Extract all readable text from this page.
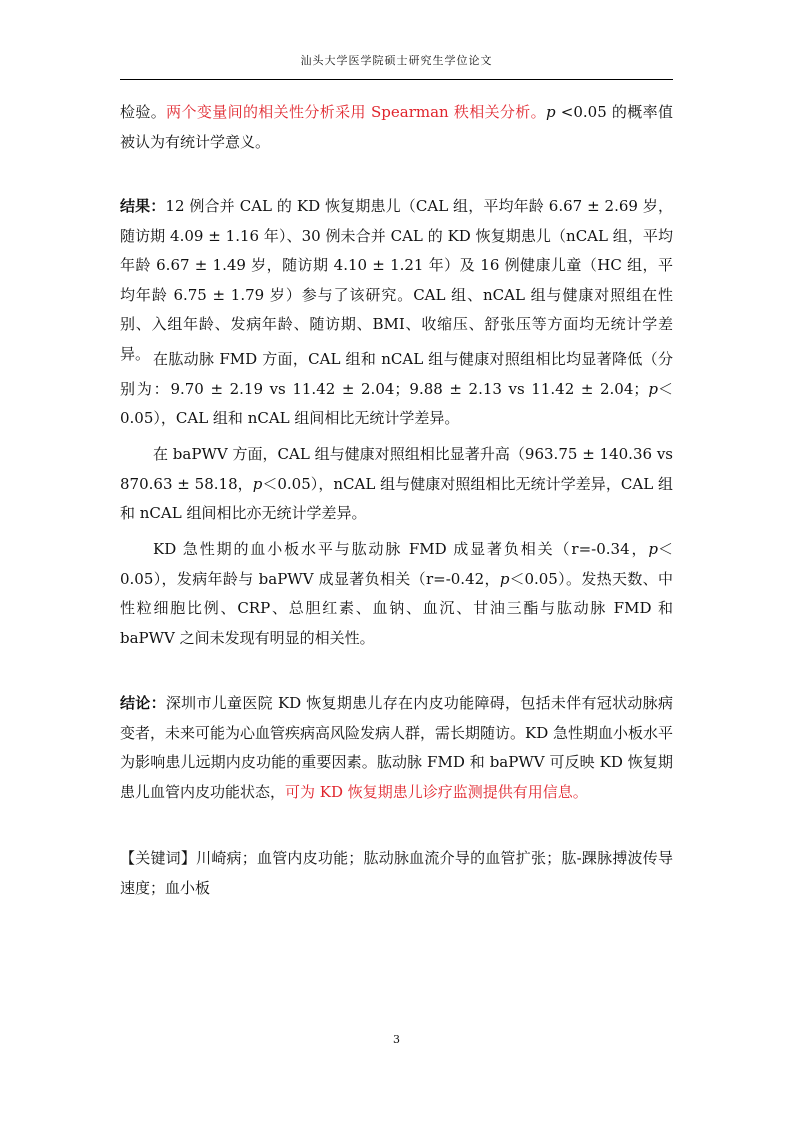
汕头大学医学院硕士研究生学位论文

检验。两个变量间的相关性分析采用 Spearman 秩相关分析。p <0.05 的概率值被认为有统计学意义。

结果：12 例合并 CAL 的 KD 恢复期患儿（CAL 组，平均年龄 6.67 ± 2.69 岁，随访期 4.09 ± 1.16 年）、30 例未合并 CAL 的 KD 恢复期患儿（nCAL 组，平均年龄 6.67 ± 1.49 岁，随访期 4.10 ± 1.21 年）及 16 例健康儿童（HC 组，平均年龄 6.75 ± 1.79 岁）参与了该研究。CAL 组、nCAL 组与健康对照组在性别、入组年龄、发病年龄、随访期、BMI、收缩压、舒张压等方面均无统计学差异。 在肱动脉 FMD 方面，CAL 组和 nCAL 组与健康对照组相比均显著降低（分别为：9.70 ± 2.19 vs 11.42 ± 2.04；9.88 ± 2.13 vs 11.42 ± 2.04；p＜0.05），CAL 组和 nCAL 组间相比无统计学差异。

在 baPWV 方面，CAL 组与健康对照组相比显著升高（963.75 ± 140.36 vs 870.63 ± 58.18，p＜0.05），nCAL 组与健康对照组相比无统计学差异，CAL 组和 nCAL 组间相比亦无统计学差异。

KD 急性期的血小板水平与肱动脉 FMD 成显著负相关（r=-0.34，p＜0.05），发病年龄与 baPWV 成显著负相关（r=-0.42，p＜0.05）。发热天数、中性粒细胞比例、CRP、总胆红素、血钠、血沉、甘油三酯与肱动脉 FMD 和 baPWV 之间未发现有明显的相关性。

结论：深圳市儿童医院 KD 恢复期患儿存在内皮功能障碍，包括未伴有冠状动脉病变者，未来可能为心血管疾病高风险发病人群，需长期随访。KD 急性期血小板水平为影响患儿远期内皮功能的重要因素。肱动脉 FMD 和 baPWV 可反映 KD 恢复期患儿血管内皮功能状态，可为 KD 恢复期患儿诊疗监测提供有用信息。

【关键词】川崎病；血管内皮功能；肱动脉血流介导的血管扩张；肱-踝脉搏波传导速度；血小板

3
